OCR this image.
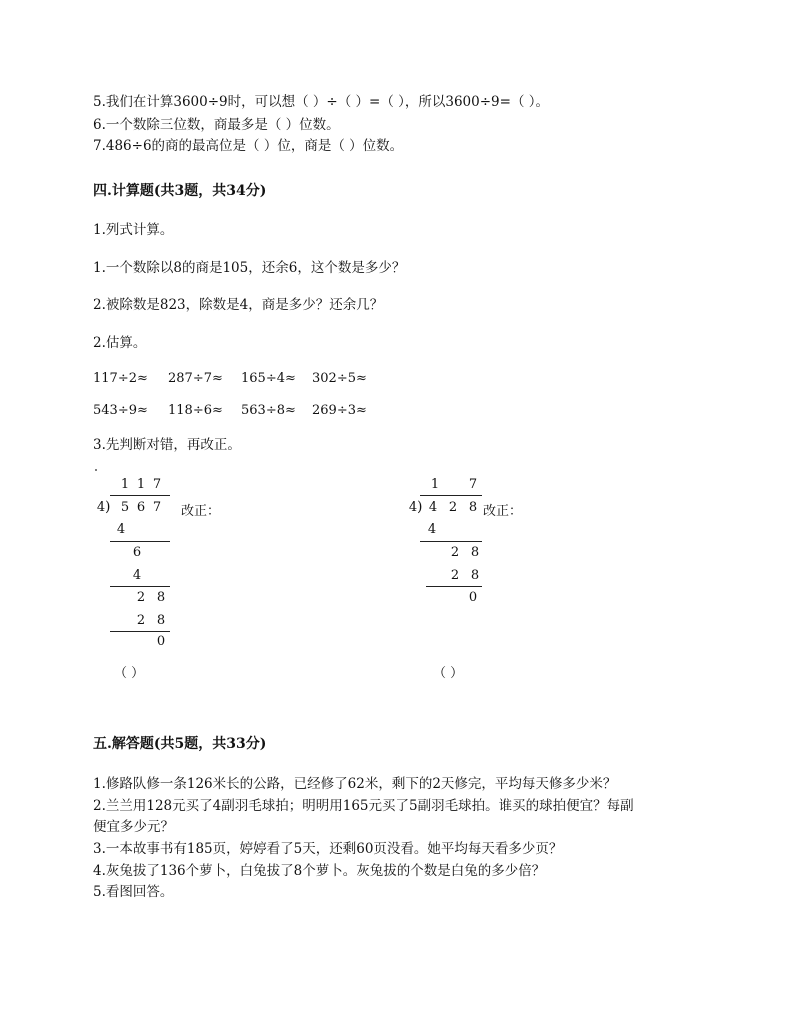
5.我们在计算3600÷9时，可以想（ ）÷（ ）=（ ），所以3600÷9=（ ）。
6.一个数除三位数，商最多是（ ）位数。
7.486÷6的商的最高位是（ ）位，商是（ ）位数。
四.计算题(共3题，共34分)
1.列式计算。
1.一个数除以8的商是105，还余6，这个数是多少？
2.被除数是823，除数是4，商是多少？还余几？
2.估算。
117÷2≈ 287÷7≈ 165÷4≈ 302÷5≈
543÷9≈ 118÷6≈ 563÷8≈ 269÷3≈
3.先判断对错，再改正。
1 1 7
4 ) 5 6 7 改正：
4
6
4
2 8
2 8
0
（ ）
1 7
4 ) 4 2 8 改正：
4
2 8
2 8
0
（ ）
五.解答题(共5题，共33分)
1.修路队修一条126米长的公路，已经修了62米，剩下的2天修完，平均每天修多少米？
2.兰兰用128元买了4副羽毛球拍；明明用165元买了5副羽毛球拍。谁买的球拍便宜？每副
便宜多少元？
3.一本故事书有185页，婷婷看了5天，还剩60页没看。她平均每天看多少页？
4.灰兔拔了136个萝卜，白兔拔了8个萝卜。灰兔拔的个数是白兔的多少倍？
5.看图回答。
